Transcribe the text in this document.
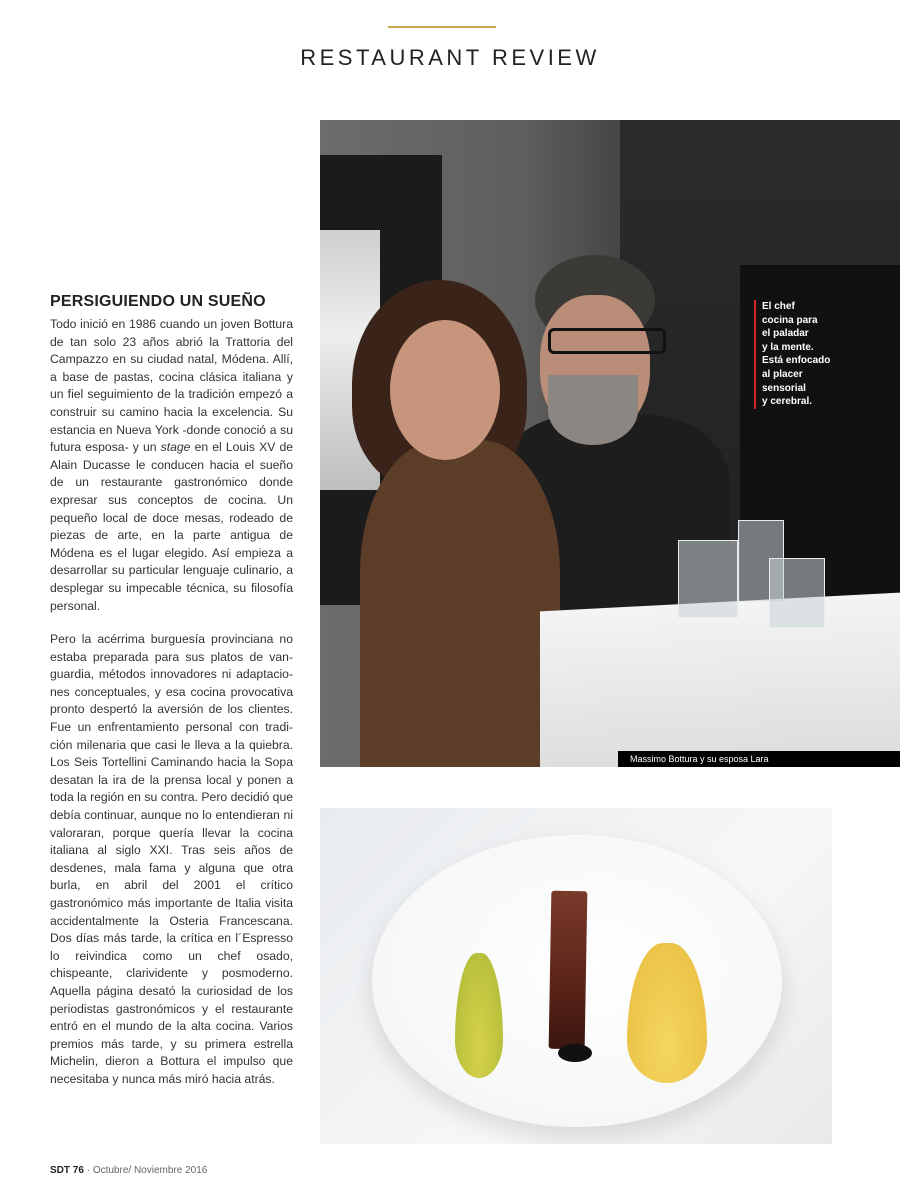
RESTAURANT REVIEW
PERSIGUIENDO UN SUEÑO

Todo inició en 1986 cuando un joven Bottura de tan solo 23 años abrió la Trattoria del Campazzo en su ciudad natal, Módena. Allí, a base de pastas, cocina clásica italiana y un fiel seguimiento de la tradición empezó a construir su camino hacia la excelencia. Su estancia en Nueva York -donde conoció a su futura esposa- y un stage en el Louis XV de Alain Ducasse le conducen hacia el sueño de un restaurante gastronómico donde expresar sus conceptos de cocina. Un pequeño local de doce mesas, rodeado de piezas de arte, en la parte antigua de Módena es el lugar elegido. Así empieza a desarrollar su particular lenguaje culinario, a desplegar su impecable técnica, su filosofía personal.

Pero la acérrima burguesía provinciana no estaba preparada para sus platos de vanguardia, métodos innovadores ni adaptaciones conceptuales, y esa cocina provocativa pronto despertó la aversión de los clientes. Fue un enfrentamiento personal con tradición milenaria que casi le lleva a la quiebra. Los Seis Tortellini Caminando hacia la Sopa desatan la ira de la prensa local y ponen a toda la región en su contra. Pero decidió que debía continuar, aunque no lo entendieran ni valoraran, porque quería llevar la cocina italiana al siglo XXI. Tras seis años de desdenes, mala fama y alguna que otra burla, en abril del 2001 el crítico gastronómico más importante de Italia visita accidentalmente la Osteria Francescana. Dos días más tarde, la crítica en l´Espresso lo reivindica como un chef osado, chispeante, clarividente y posmoderno. Aquella página desató la curiosidad de los periodistas gastronómicos y el restaurante entró en el mundo de la alta cocina. Varios premios más tarde, y su primera estrella Michelin, dieron a Bottura el impulso que necesitaba y nunca más miró hacia atrás.

El chef
cocina para
el paladar
y la mente.
Está enfocado
al placer
sensorial
y cerebral.
Massimo Bottura y su esposa Lara
SDT 76 · Octubre/ Noviembre 2016
